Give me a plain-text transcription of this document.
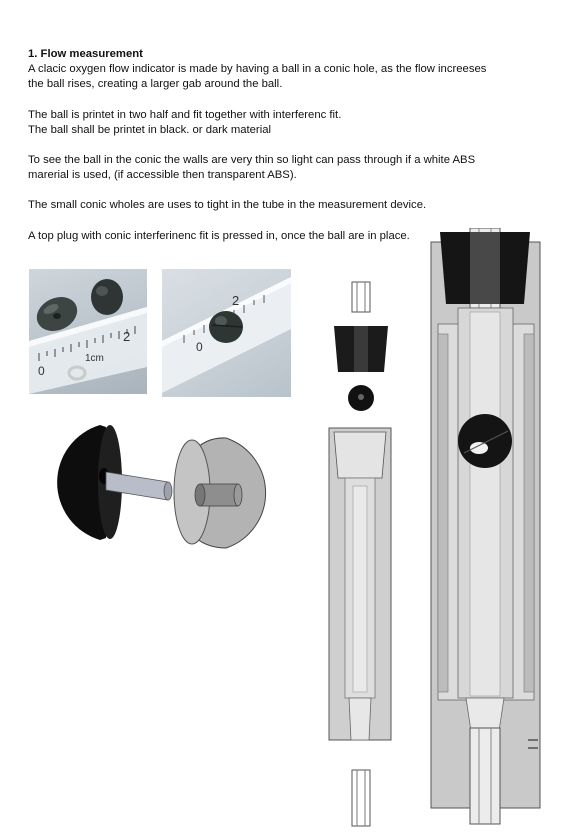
1. Flow measurement

A clacic oxygen flow indicator is made by having a ball in a conic hole, as the flow increeses

the ball rises, creating a larger gab around the ball.

The ball is printet in two half and fit together with interferenc fit.

The ball shall be printet in black. or dark material

To see the ball in the conic the walls are very thin so light can pass through if a white ABS

marerial is used, (if accessible then transparent ABS).

The small conic wholes are uses to tight in the tube in the measurement device.

A top plug with conic interferinenc fit is pressed in, once the ball are in place.

0
1cm
2
0
2
